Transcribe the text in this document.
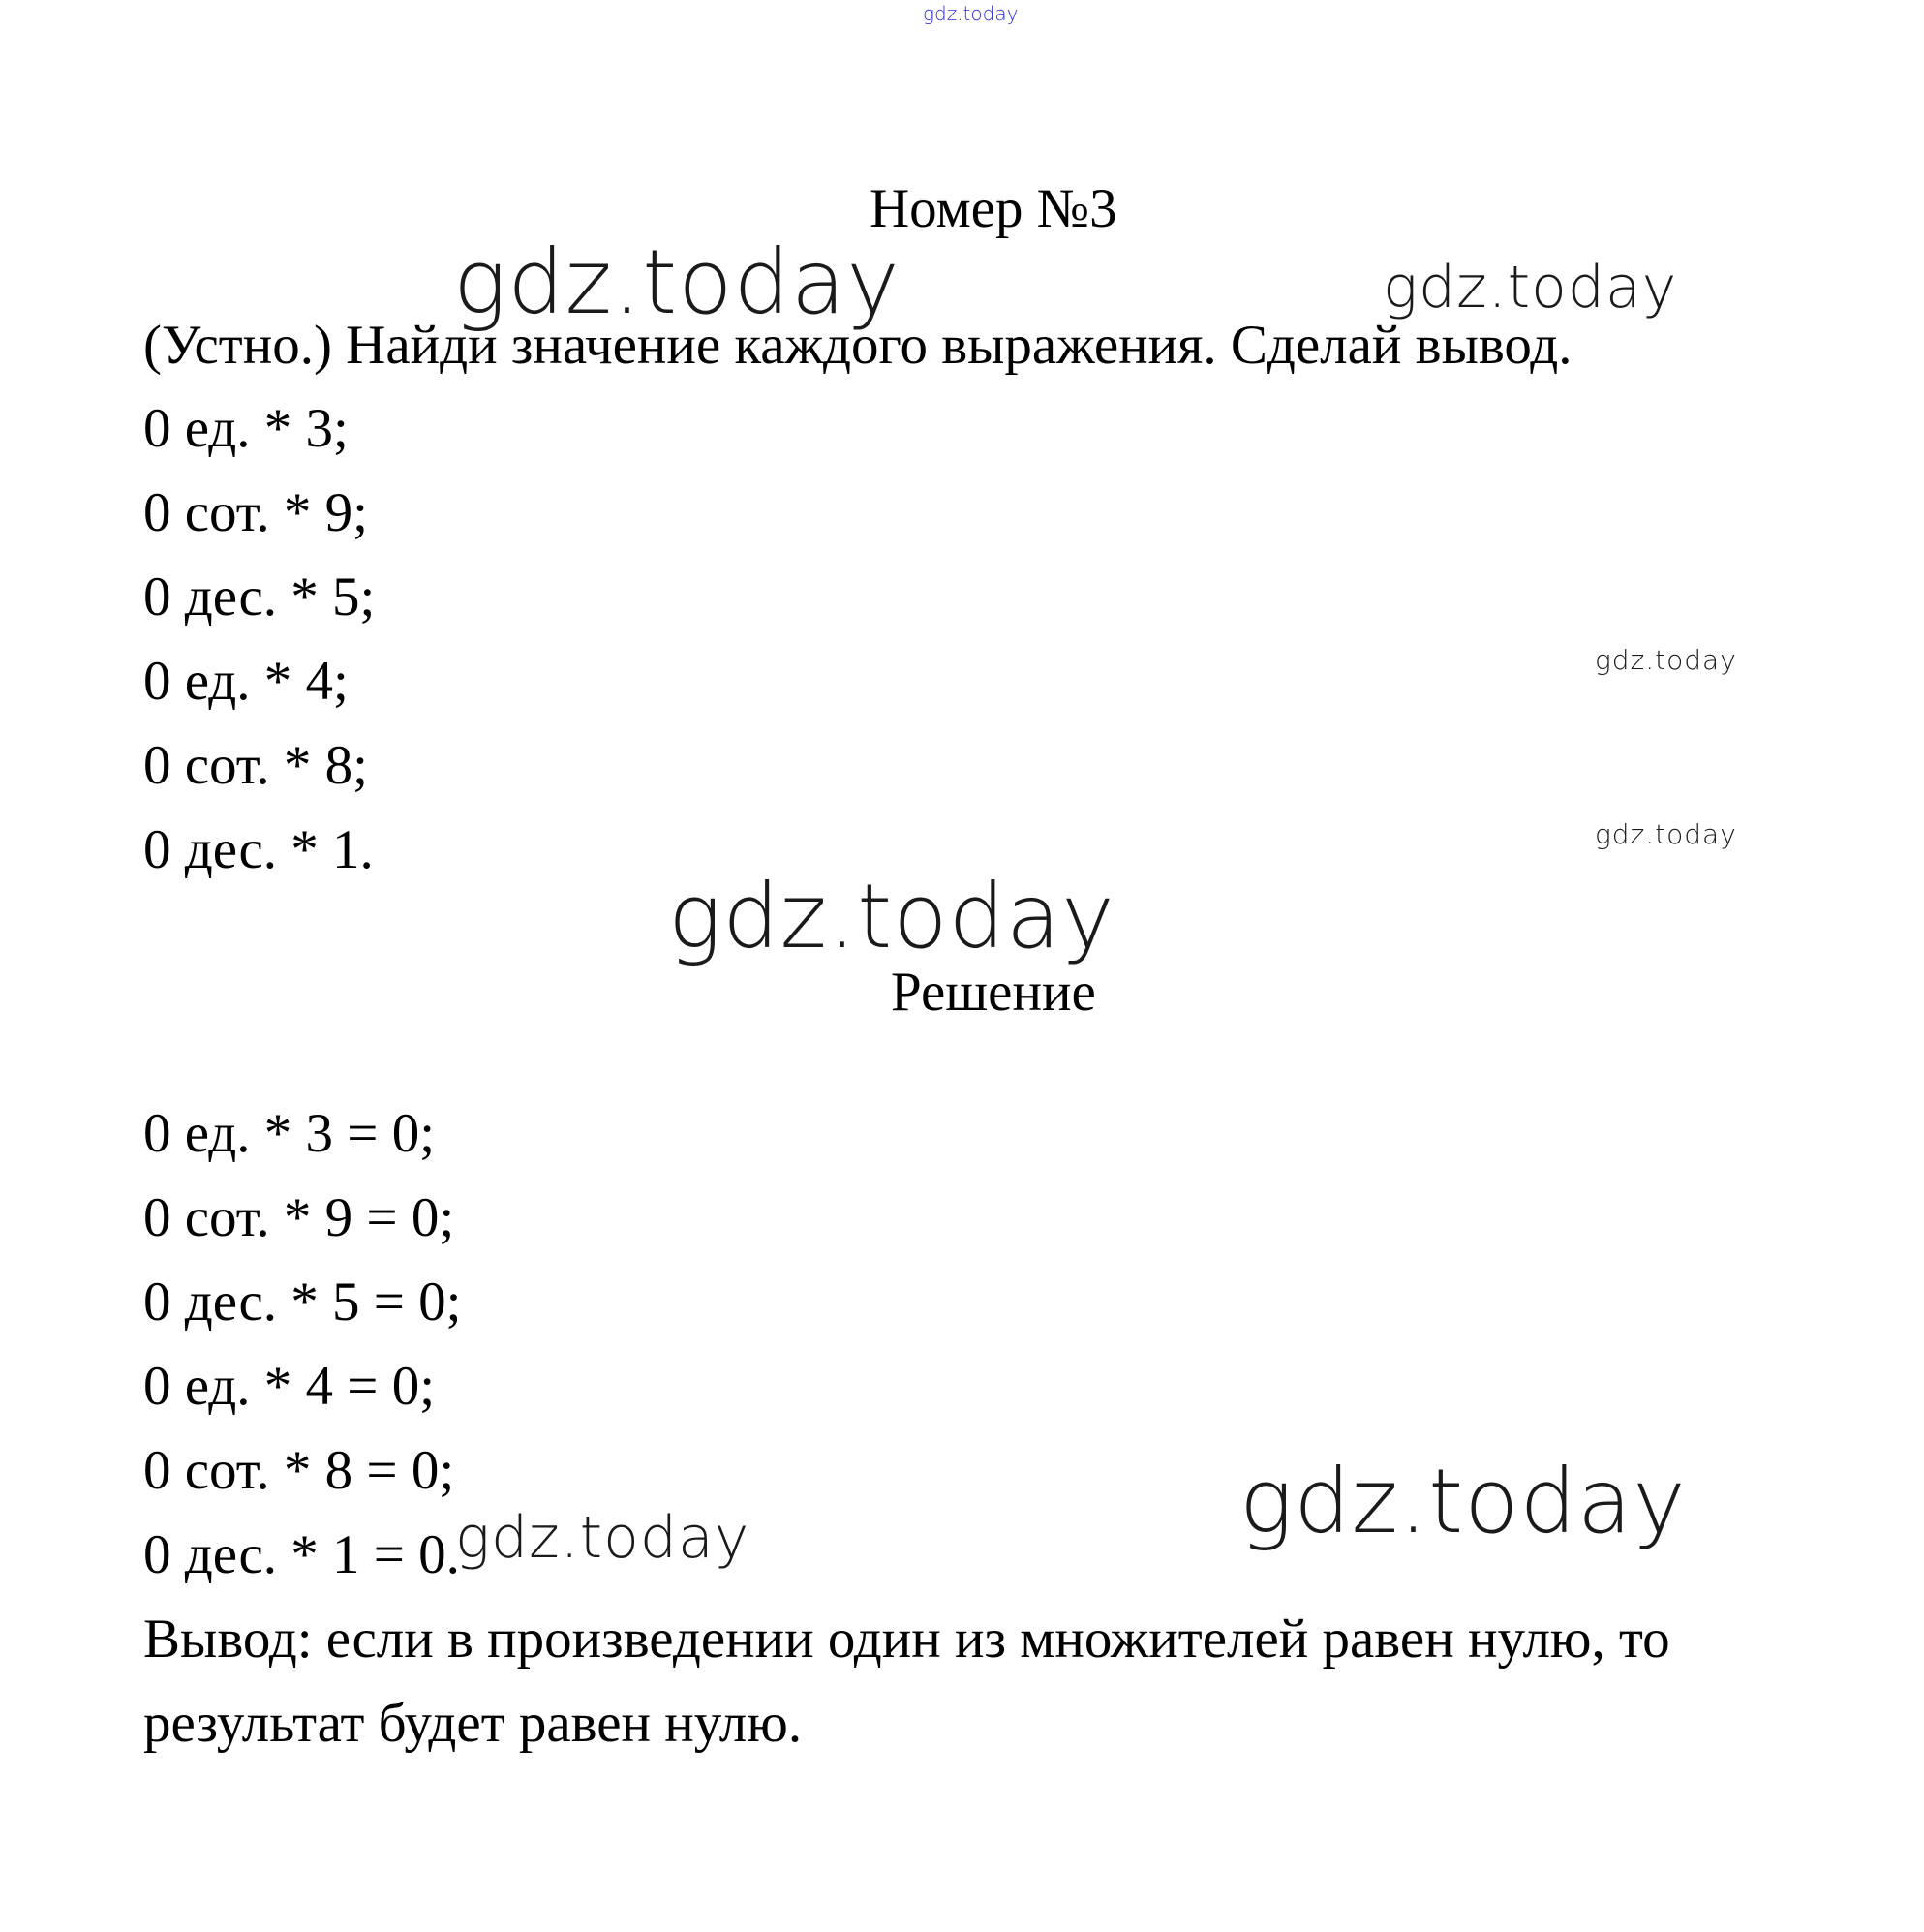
gdz.today
gdz.today	gdz.today
gdz.today
gdz.today
gdz.today
gdz.today
gdz.today
Номер №3
(Устно.) Найди значение каждого выражения. Сделай вывод.
0 ед. * 3;
0 сот. * 9;
0 дес. * 5;
0 ед. * 4;
0 сот. * 8;
0 дес. * 1.
Решение
0 ед. * 3 = 0;
0 сот. * 9 = 0;
0 дес. * 5 = 0;
0 ед. * 4 = 0;
0 сот. * 8 = 0;
0 дес. * 1 = 0.
Вывод: если в произведении один из множителей равен нулю, то
результат будет равен нулю.
